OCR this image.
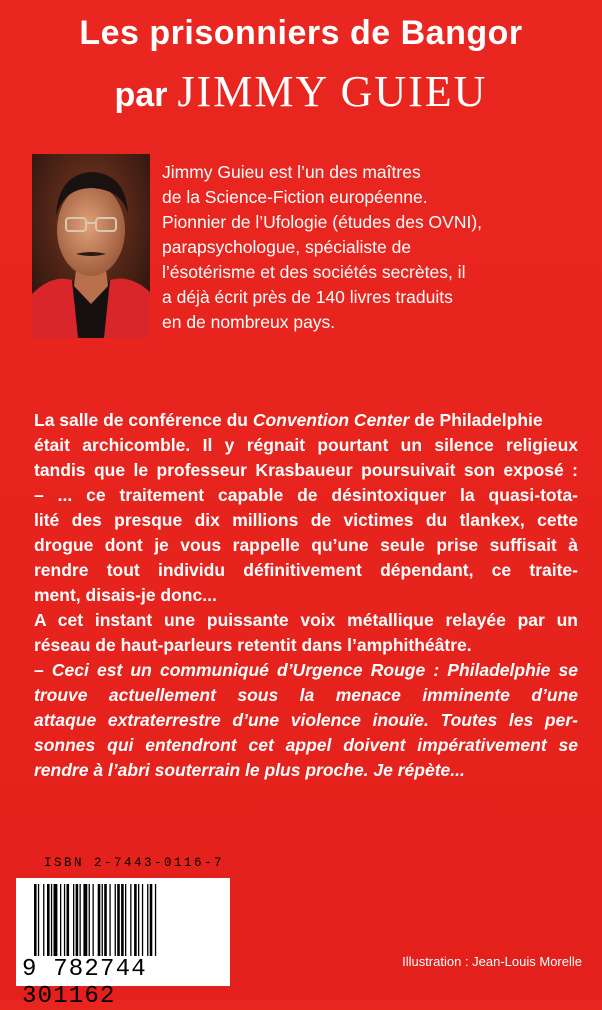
Les prisonniers de Bangor
par JIMMY GUIEU
Jimmy Guieu est l’un des maîtres
de la Science-Fiction européenne.
Pionnier de l’Ufologie (études des OVNI),
parapsychologue, spécialiste de
l’ésotérisme et des sociétés secrètes, il
a déjà écrit près de 140 livres traduits
en de nombreux pays.

La salle de conférence du Convention Center de Philadelphie

était archicomble. Il y régnait pourtant un silence religieux

tandis que le professeur Krasbaueur poursuivait son exposé :

– ... ce traitement capable de désintoxiquer la quasi-tota-

lité des presque dix millions de victimes du tlankex, cette

drogue dont je vous rappelle qu’une seule prise suffisait à

rendre tout individu définitivement dépendant, ce traite-

ment, disais-je donc...

A cet instant une puissante voix métallique relayée par un

réseau de haut-parleurs retentit dans l’amphithéâtre.

– Ceci est un communiqué d’Urgence Rouge : Philadelphie se

trouve actuellement sous la menace imminente d’une

attaque extraterrestre d’une violence inouïe. Toutes les per-

sonnes qui entendront cet appel doivent impérativement se

rendre à l’abri souterrain le plus proche. Je répète...

ISBN 2-7443-0116-7
9 782744 301162
Illustration : Jean-Louis Morelle
